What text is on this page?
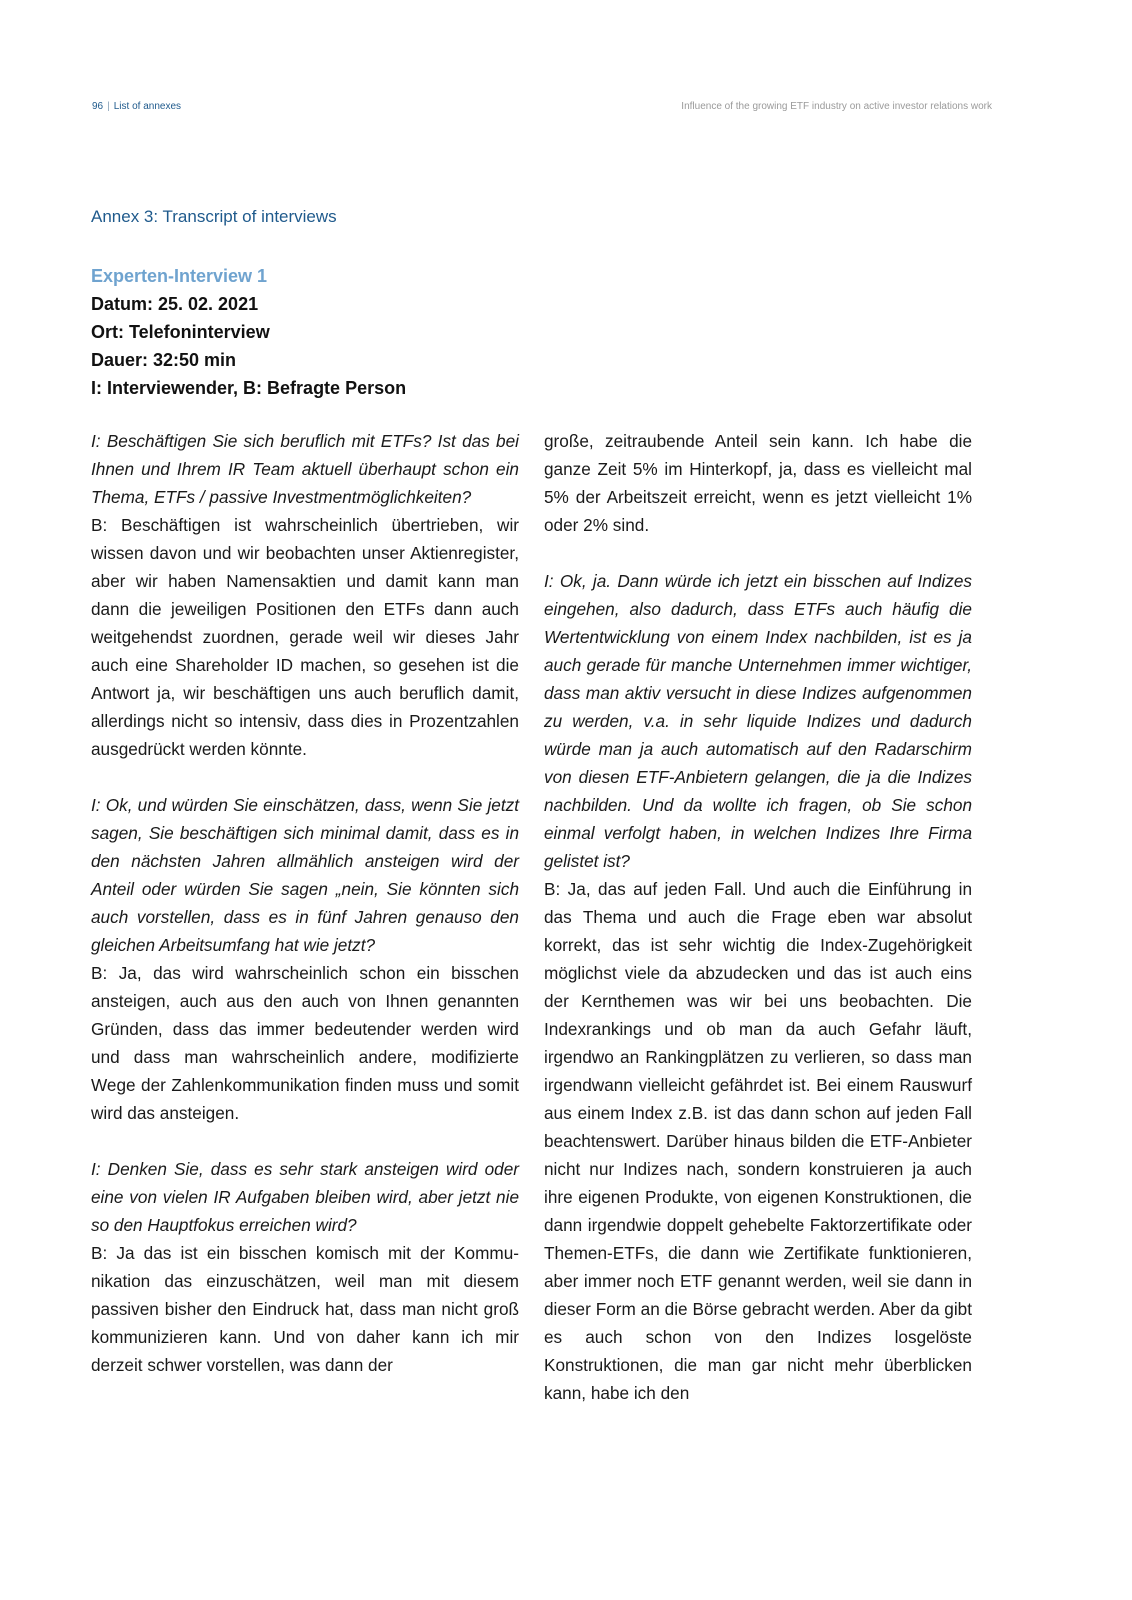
96 | List of annexes	Influence of the growing ETF industry on active investor relations work
Annex 3: Transcript of interviews
Experten-Interview 1
Datum: 25. 02. 2021
Ort: Telefoninterview
Dauer: 32:50 min
I: Interviewender, B: Befragte Person

I: Beschäftigen Sie sich beruflich mit ETFs? Ist das bei Ihnen und Ihrem IR Team aktuell überhaupt schon ein Thema, ETFs / passive Investmentmöglichkeiten?

B: Beschäftigen ist wahrscheinlich übertrieben, wir wissen davon und wir beobachten unser Aktienregister, aber wir haben Namensaktien und damit kann man dann die jeweiligen Positionen den ETFs dann auch weitgehendst zuordnen, gerade weil wir dieses Jahr auch eine Shareholder ID machen, so gesehen ist die Antwort ja, wir beschäftigen uns auch beruflich damit, allerdings nicht so intensiv, dass dies in Prozentzahlen ausgedrückt werden könnte.

I: Ok, und würden Sie einschätzen, dass, wenn Sie jetzt sagen, Sie beschäftigen sich minimal damit, dass es in den nächsten Jahren allmählich ansteigen wird der Anteil oder würden Sie sagen „nein, Sie könnten sich auch vorstellen, dass es in fünf Jahren genauso den gleichen Arbeitsumfang hat wie jetzt?

B: Ja, das wird wahrscheinlich schon ein bisschen ansteigen, auch aus den auch von Ihnen genannten Gründen, dass das immer bedeutender werden wird und dass man wahrscheinlich andere, modifizierte Wege der Zahlenkommunikation finden muss und somit wird das ansteigen.

I: Denken Sie, dass es sehr stark ansteigen wird oder eine von vielen IR Aufgaben bleiben wird, aber jetzt nie so den Hauptfokus erreichen wird?

B: Ja das ist ein bisschen komisch mit der Kommunikation das einzuschätzen, weil man mit diesem passiven bisher den Eindruck hat, dass man nicht groß kommunizieren kann. Und von daher kann ich mir derzeit schwer vorstellen, was dann der

große, zeitraubende Anteil sein kann. Ich habe die ganze Zeit 5% im Hinterkopf, ja, dass es vielleicht mal 5% der Arbeitszeit erreicht, wenn es jetzt vielleicht 1% oder 2% sind.

I: Ok, ja. Dann würde ich jetzt ein bisschen auf Indizes eingehen, also dadurch, dass ETFs auch häufig die Wertentwicklung von einem Index nachbilden, ist es ja auch gerade für manche Unternehmen immer wichtiger, dass man aktiv versucht in diese Indizes aufgenommen zu werden, v.a. in sehr liquide Indizes und dadurch würde man ja auch automatisch auf den Radarschirm von diesen ETF-Anbietern gelangen, die ja die Indizes nachbilden. Und da wollte ich fragen, ob Sie schon einmal verfolgt haben, in welchen Indizes Ihre Firma gelistet ist?

B: Ja, das auf jeden Fall. Und auch die Einführung in das Thema und auch die Frage eben war absolut korrekt, das ist sehr wichtig die Index-Zugehörigkeit möglichst viele da abzudecken und das ist auch eins der Kernthemen was wir bei uns beobachten. Die Indexrankings und ob man da auch Gefahr läuft, irgendwo an Rankingplätzen zu verlieren, so dass man irgendwann vielleicht gefährdet ist. Bei einem Rauswurf aus einem Index z.B. ist das dann schon auf jeden Fall beachtenswert. Darüber hinaus bilden die ETF-Anbieter nicht nur Indizes nach, sondern konstruieren ja auch ihre eigenen Produkte, von eigenen Konstruktionen, die dann irgendwie doppelt gehebelte Faktorzertifikate oder Themen-ETFs, die dann wie Zertifikate funktionieren, aber immer noch ETF genannt werden, weil sie dann in dieser Form an die Börse gebracht werden. Aber da gibt es auch schon von den Indizes losgelöste Konstruktionen, die man gar nicht mehr überblicken kann, habe ich den
